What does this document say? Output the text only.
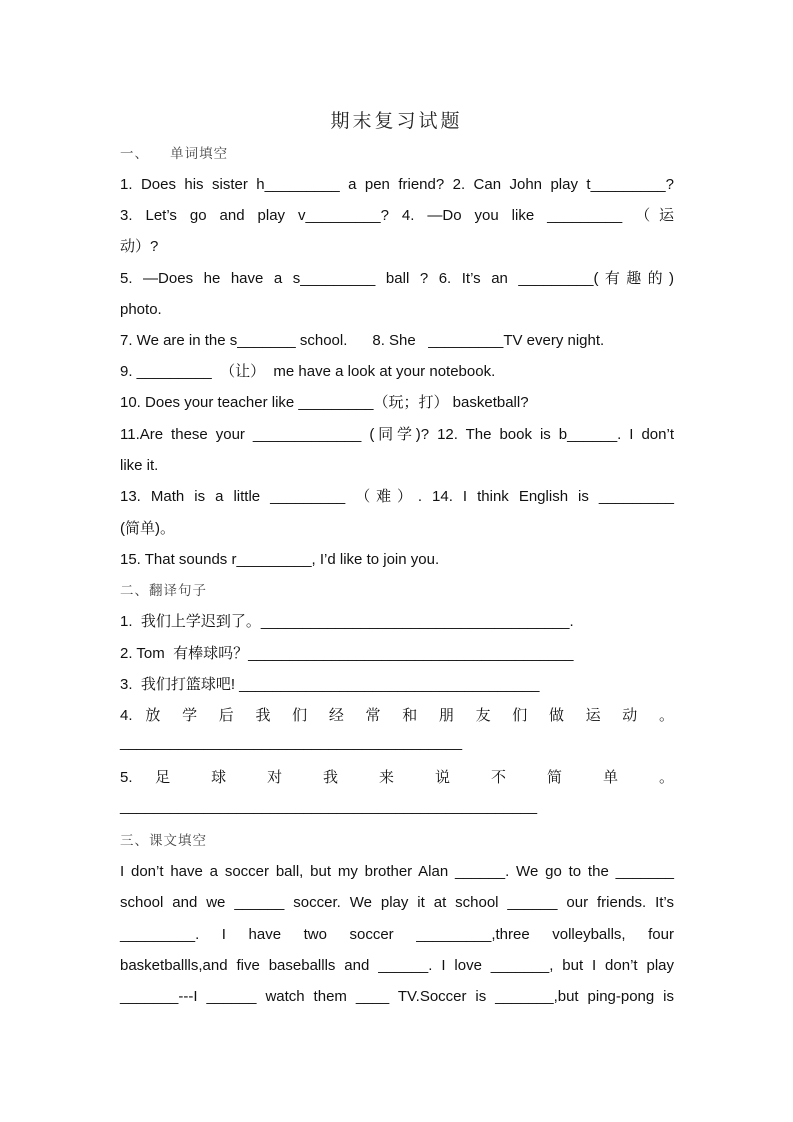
期末复习试题
一、    单词填空
1. Does his sister h_________ a pen friend? 2. Can John play t_________?
3. Let’s go and play v_________? 4. —Do you like _________ （运
动）?
5. —Does he have a s_________ ball ? 6. It’s an _________(有趣的)
photo.
7. We are in the s_______ school.      8. She   _________TV every night.
9. _________  （让）  me have a look at your notebook.
10. Does your teacher like _________（玩；打） basketball?
11.Are these your _____________ (同学)? 12. The book is b______. I don’t
like it.
13. Math is a little _________ （难）. 14. I think English is _________
(简单)。
15. That sounds r_________, I’d like to join you.
二、翻译句子
1.  我们上学迟到了。_____________________________________.
2. Tom  有棒球吗？_______________________________________
3.  我们打篮球吧! ____________________________________
4. 放 学 后 我 们 经 常 和 朋 友 们 做 运 动 。
_________________________________________
5. 足 球 对 我 来 说 不 简 单 。
__________________________________________________
三、课文填空
I don’t have a soccer ball, but my brother Alan ______. We go to the _______
school and we ______ soccer. We play it at school ______ our friends. It’s
_________. I have two soccer _________,three volleyballs, four
basketballls,and five baseballls and ______. I love _______, but I don’t play
_______---I ______ watch them ____ TV.Soccer is _______,but ping-pong is
